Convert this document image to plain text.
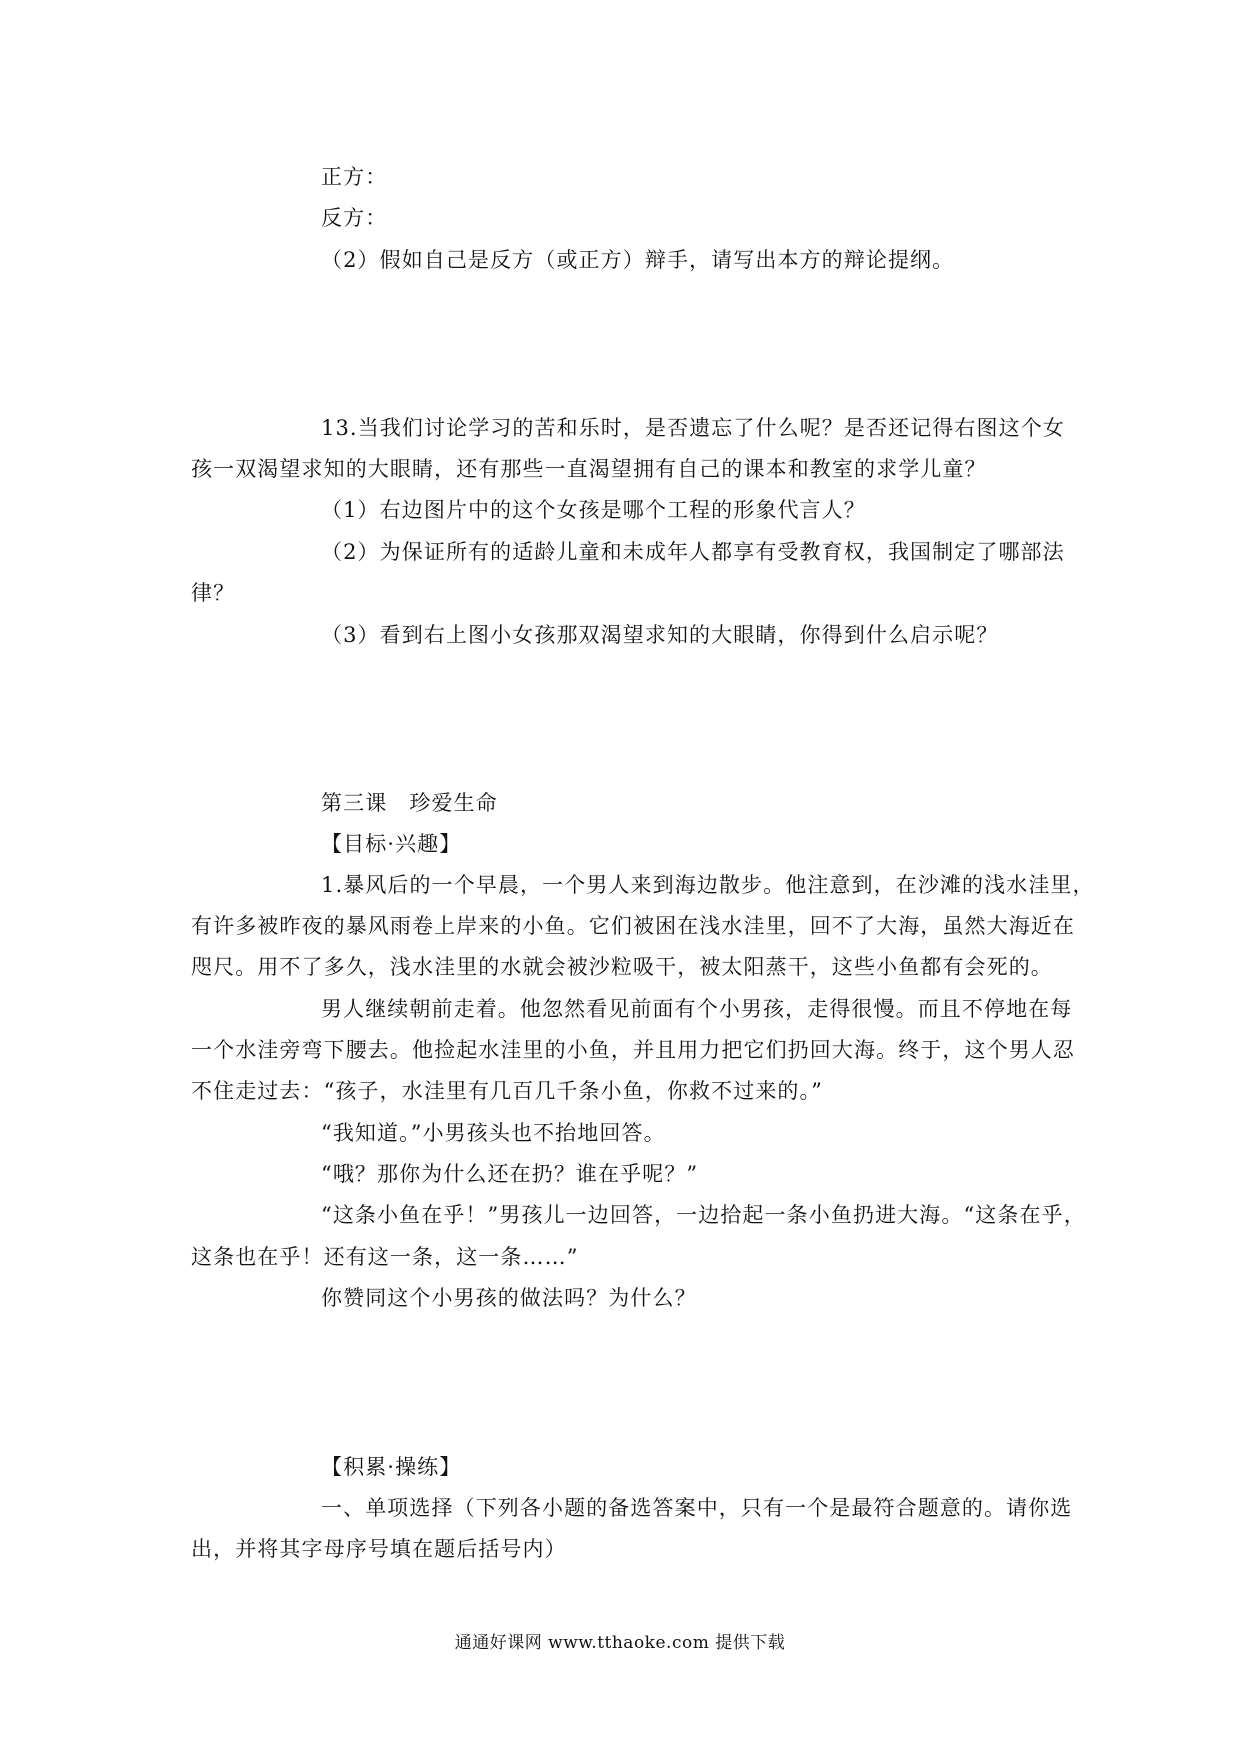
正方：
反方：
（2）假如自己是反方（或正方）辩手，请写出本方的辩论提纲。
13.当我们讨论学习的苦和乐时，是否遗忘了什么呢？是否还记得右图这个女
孩一双渴望求知的大眼睛，还有那些一直渴望拥有自己的课本和教室的求学儿童？
（1）右边图片中的这个女孩是哪个工程的形象代言人？
（2）为保证所有的适龄儿童和未成年人都享有受教育权，我国制定了哪部法
律？
（3）看到右上图小女孩那双渴望求知的大眼睛，你得到什么启示呢？
第三课　珍爱生命
【目标·兴趣】
1.暴风后的一个早晨，一个男人来到海边散步。他注意到，在沙滩的浅水洼里，
有许多被昨夜的暴风雨卷上岸来的小鱼。它们被困在浅水洼里，回不了大海，虽然大海近在
咫尺。用不了多久，浅水洼里的水就会被沙粒吸干，被太阳蒸干，这些小鱼都有会死的。
男人继续朝前走着。他忽然看见前面有个小男孩，走得很慢。而且不停地在每
一个水洼旁弯下腰去。他捡起水洼里的小鱼，并且用力把它们扔回大海。终于，这个男人忍
不住走过去：“孩子，水洼里有几百几千条小鱼，你救不过来的。”
“我知道。”小男孩头也不抬地回答。
“哦？那你为什么还在扔？谁在乎呢？”
“这条小鱼在乎！”男孩儿一边回答，一边拾起一条小鱼扔进大海。“这条在乎，
这条也在乎！还有这一条，这一条……”
你赞同这个小男孩的做法吗？为什么？
【积累·操练】
一、单项选择（下列各小题的备选答案中，只有一个是最符合题意的。请你选
出，并将其字母序号填在题后括号内）
通通好课网 www.tthaoke.com 提供下载
